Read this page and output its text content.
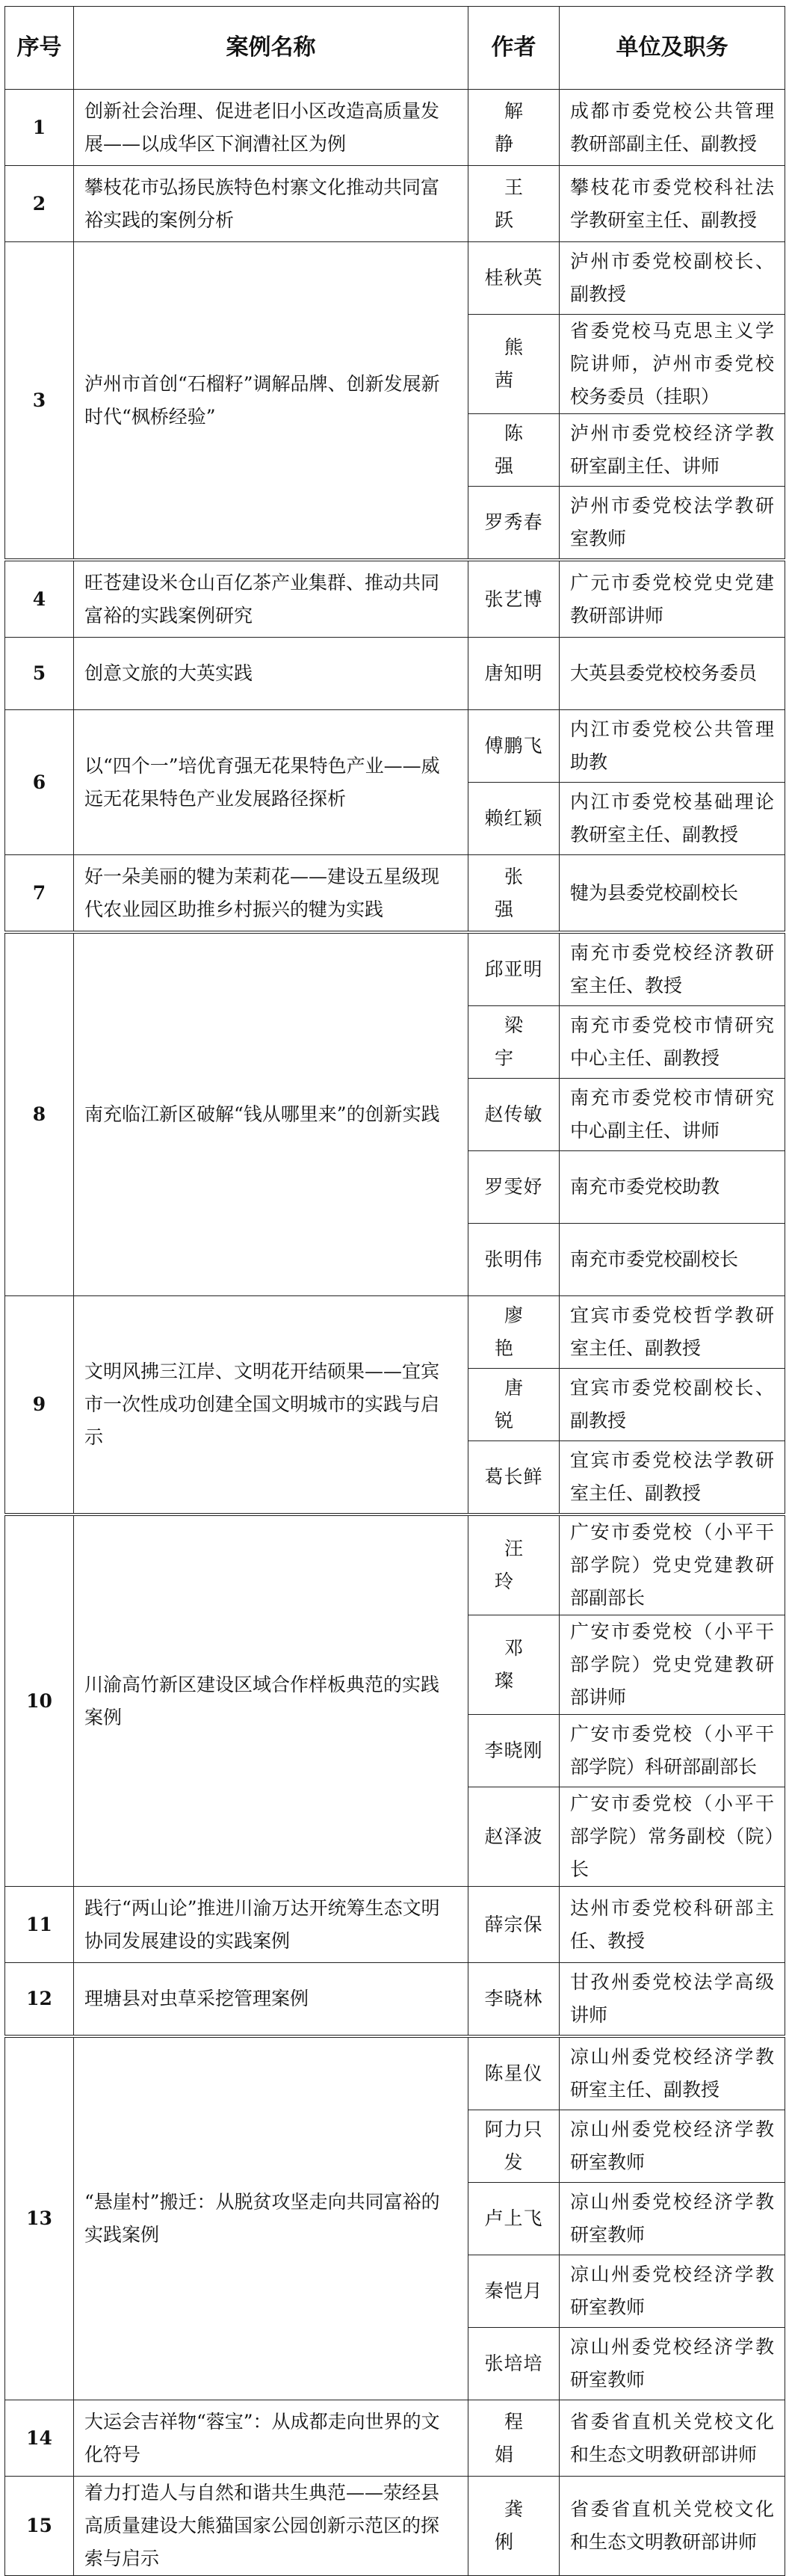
序号	案例名称	作者	单位及职务
1	创新社会治理、促进老旧小区改造高质量发展——以成华区下涧漕社区为例	解　静	成都市委党校公共管理教研部副主任、副教授
2	攀枝花市弘扬民族特色村寨文化推动共同富裕实践的案例分析	王　跃	攀枝花市委党校科社法学教研室主任、副教授
3	泸州市首创“石榴籽”调解品牌、创新发展新时代“枫桥经验”	桂秋英	泸州市委党校副校长、副教授
		熊　茜	省委党校马克思主义学院讲师，泸州市委党校校务委员（挂职）
		陈　强	泸州市委党校经济学教研室副主任、讲师
		罗秀春	泸州市委党校法学教研室教师
4	旺苍建设米仓山百亿茶产业集群、推动共同富裕的实践案例研究	张艺博	广元市委党校党史党建教研部讲师
5	创意文旅的大英实践	唐知明	大英县委党校校务委员
6	以“四个一”培优育强无花果特色产业——威远无花果特色产业发展路径探析	傅鹏飞	内江市委党校公共管理助教
		赖红颖	内江市委党校基础理论教研室主任、副教授
7	好一朵美丽的犍为茉莉花——建设五星级现代农业园区助推乡村振兴的犍为实践	张　强	犍为县委党校副校长
8	南充临江新区破解“钱从哪里来”的创新实践	邱亚明	南充市委党校经济教研室主任、教授
		梁　宇	南充市委党校市情研究中心主任、副教授
		赵传敏	南充市委党校市情研究中心副主任、讲师
		罗雯妤	南充市委党校助教
		张明伟	南充市委党校副校长
9	文明风拂三江岸、文明花开结硕果——宜宾市一次性成功创建全国文明城市的实践与启示	廖　艳	宜宾市委党校哲学教研室主任、副教授
		唐　锐	宜宾市委党校副校长、副教授
		葛长鲜	宜宾市委党校法学教研室主任、副教授
10	川渝高竹新区建设区域合作样板典范的实践案例	汪　玲	广安市委党校（小平干部学院）党史党建教研部副部长
		邓　璨	广安市委党校（小平干部学院）党史党建教研部讲师
		李晓刚	广安市委党校（小平干部学院）科研部副部长
		赵泽波	广安市委党校（小平干部学院）常务副校（院）长
11	践行“两山论”推进川渝万达开统筹生态文明协同发展建设的实践案例	薛宗保	达州市委党校科研部主任、教授
12	理塘县对虫草采挖管理案例	李晓林	甘孜州委党校法学高级讲师
13	“悬崖村”搬迁：从脱贫攻坚走向共同富裕的实践案例	陈星仪	凉山州委党校经济学教研室主任、副教授
		阿力只发	凉山州委党校经济学教研室教师
		卢上飞	凉山州委党校经济学教研室教师
		秦恺月	凉山州委党校经济学教研室教师
		张培培	凉山州委党校经济学教研室教师
14	大运会吉祥物“蓉宝”：从成都走向世界的文化符号	程　娟	省委省直机关党校文化和生态文明教研部讲师
15	着力打造人与自然和谐共生典范——荥经县高质量建设大熊猫国家公园创新示范区的探索与启示	龚　俐	省委省直机关党校文化和生态文明教研部讲师
